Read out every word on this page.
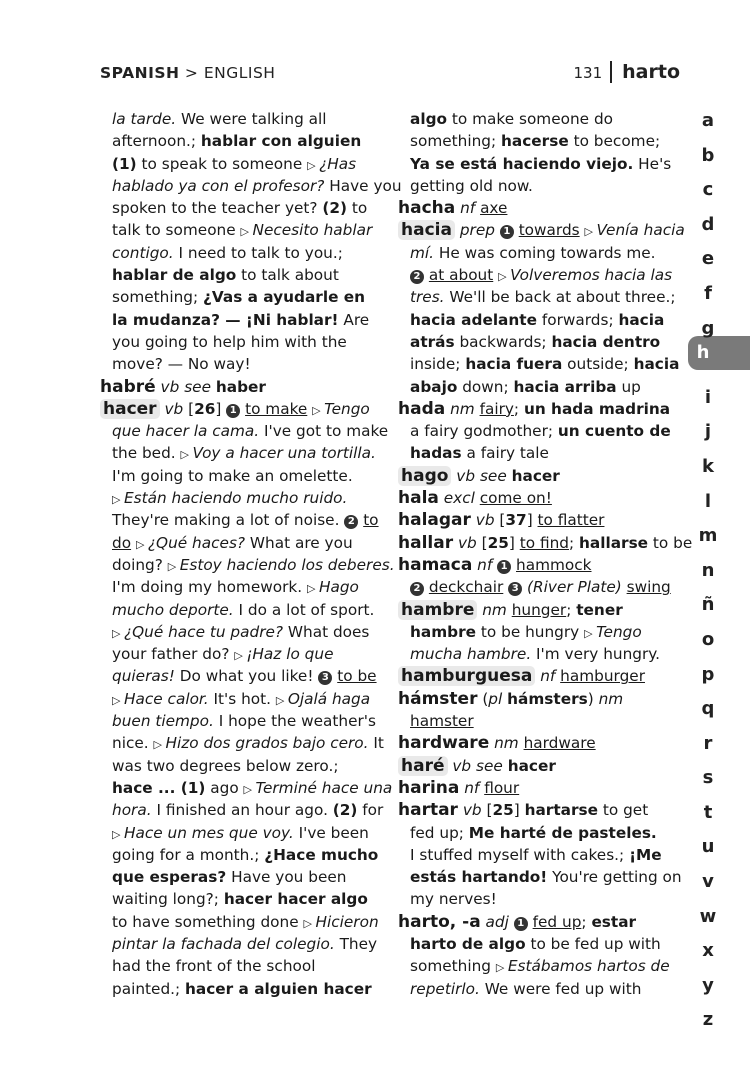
SPANISH > ENGLISH	131 harto
la tarde. We were talking all
afternoon.; hablar con alguien
(1) to speak to someone ▷ ¿Has
hablado ya con el profesor? Have you
spoken to the teacher yet? (2) to
talk to someone ▷ Necesito hablar
contigo. I need to talk to you.;
hablar de algo to talk about
something; ¿Vas a ayudarle en
la mudanza? — ¡Ni hablar! Are
you going to help him with the
move? — No way!
habré vb see haber
hacer vb [26] 1 to make ▷ Tengo
que hacer la cama. I've got to make
the bed. ▷ Voy a hacer una tortilla.
I'm going to make an omelette.
▷ Están haciendo mucho ruido.
They're making a lot of noise. 2 to
do ▷ ¿Qué haces? What are you
doing? ▷ Estoy haciendo los deberes.
I'm doing my homework. ▷ Hago
mucho deporte. I do a lot of sport.
▷ ¿Qué hace tu padre? What does
your father do? ▷ ¡Haz lo que
quieras! Do what you like! 3 to be
▷ Hace calor. It's hot. ▷ Ojalá haga
buen tiempo. I hope the weather's
nice. ▷ Hizo dos grados bajo cero. It
was two degrees below zero.;
hace ... (1) ago ▷ Terminé hace una
hora. I finished an hour ago. (2) for
▷ Hace un mes que voy. I've been
going for a month.; ¿Hace mucho
que esperas? Have you been
waiting long?; hacer hacer algo
to have something done ▷ Hicieron
pintar la fachada del colegio. They
had the front of the school
painted.; hacer a alguien hacer
algo to make someone do
something; hacerse to become;
Ya se está haciendo viejo. He's
getting old now.
hacha nf axe
hacia prep 1 towards ▷ Venía hacia
mí. He was coming towards me.
2 at about ▷ Volveremos hacia las
tres. We'll be back at about three.;
hacia adelante forwards; hacia
atrás backwards; hacia dentro
inside; hacia fuera outside; hacia
abajo down; hacia arriba up
hada nm fairy; un hada madrina
a fairy godmother; un cuento de
hadas a fairy tale
hago vb see hacer
hala excl come on!
halagar vb [37] to flatter
hallar vb [25] to find; hallarse to be
hamaca nf 1 hammock
2 deckchair 3 (River Plate) swing
hambre nm hunger; tener
hambre to be hungry ▷ Tengo
mucha hambre. I'm very hungry.
hamburguesa nf hamburger
hámster (pl hámsters) nm
hamster
hardware nm hardware
haré vb see hacer
harina nf flour
hartar vb [25] hartarse to get
fed up; Me harté de pasteles.
I stuffed myself with cakes.; ¡Me
estás hartando! You're getting on
my nerves!
harto, -a adj 1 fed up; estar
harto de algo to be fed up with
something ▷ Estábamos hartos de
repetirlo. We were fed up with
h
a
b
c
d
e
f
g
i
j
k
l
m
n
ñ
o
p
q
r
s
t
u
v
w
x
y
z
